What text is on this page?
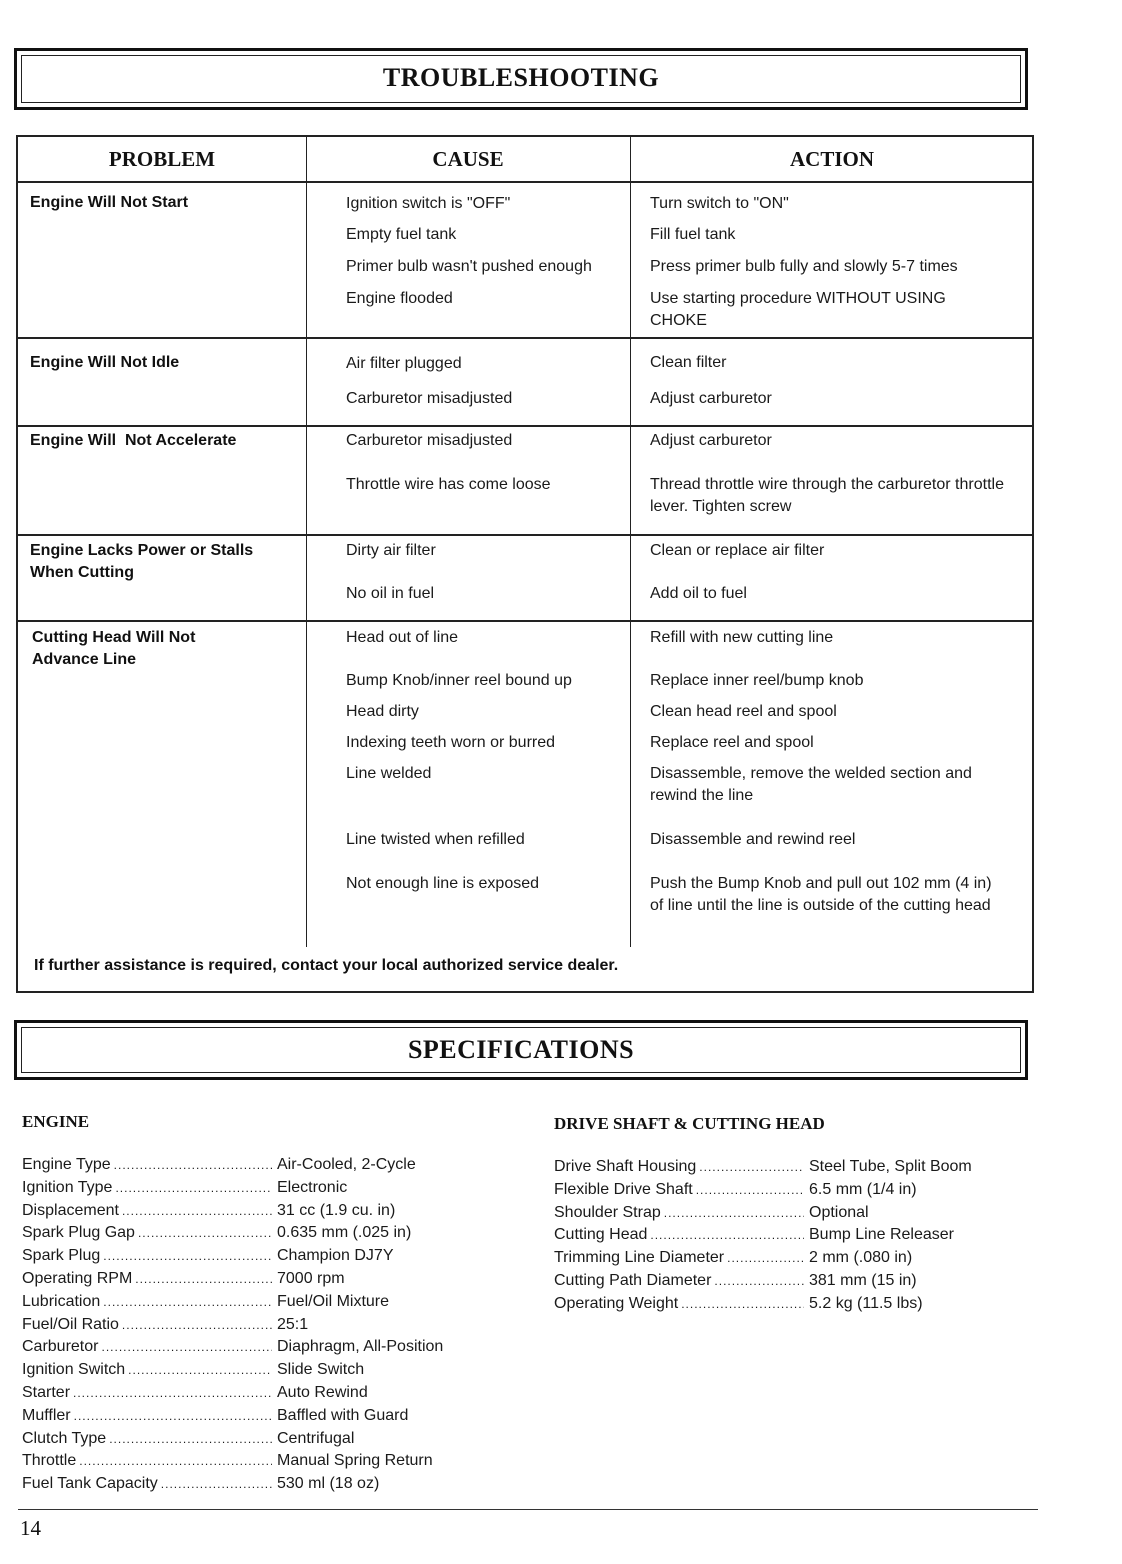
TROUBLESHOOTING
PROBLEM	CAUSE	ACTION
Engine Will Not Start	Ignition switch is "OFF"	Turn switch to "ON"
Empty fuel tank	Fill fuel tank
Primer bulb wasn't pushed enough	Press primer bulb fully and slowly 5-7 times
Engine flooded	Use starting procedure WITHOUT USING CHOKE
Engine Will Not Idle	Air filter plugged	Clean filter
Carburetor misadjusted	Adjust carburetor
Engine Will  Not Accelerate	Carburetor misadjusted	Adjust carburetor
Throttle wire has come loose	Thread throttle wire through the carburetor throttle lever. Tighten screw
Engine Lacks Power or Stalls When Cutting
Dirty air filter	Clean or replace air filter
No oil in fuel	Add oil to fuel
Cutting Head Will Not Advance Line
Head out of line	Refill with new cutting line
Bump Knob/inner reel bound up	Replace inner reel/bump knob
Head dirty	Clean head reel and spool
Indexing teeth worn or burred	Replace reel and spool
Line welded	Disassemble, remove the welded section and rewind the line
Line twisted when refilled	Disassemble and rewind reel
Not enough line is exposed	Push the Bump Knob and pull out 102 mm (4 in) of line until the line is outside of the cutting head
If further assistance is required, contact your local authorized service dealer.
SPECIFICATIONS
ENGINE
Engine Type .....	Air-Cooled, 2-Cycle
Ignition Type .....	Electronic
Displacement .....	31 cc (1.9 cu. in)
Spark Plug Gap .....	0.635 mm (.025 in)
Spark Plug .....	Champion DJ7Y
Operating RPM .....	7000 rpm
Lubrication .....	Fuel/Oil Mixture
Fuel/Oil Ratio .....	25:1
Carburetor .....	Diaphragm, All-Position
Ignition Switch .....	Slide Switch
Starter .....	Auto Rewind
Muffler .....	Baffled with Guard
Clutch Type .....	Centrifugal
Throttle .....	Manual Spring Return
Fuel Tank Capacity .....	530 ml (18 oz)
DRIVE SHAFT & CUTTING HEAD
Drive Shaft Housing .....	Steel Tube, Split Boom
Flexible Drive Shaft .....	6.5 mm (1/4 in)
Shoulder Strap .....	Optional
Cutting Head .....	Bump Line Releaser
Trimming Line Diameter .....	2 mm (.080 in)
Cutting Path Diameter .....	381 mm (15 in)
Operating Weight .....	5.2 kg (11.5 lbs)
14
